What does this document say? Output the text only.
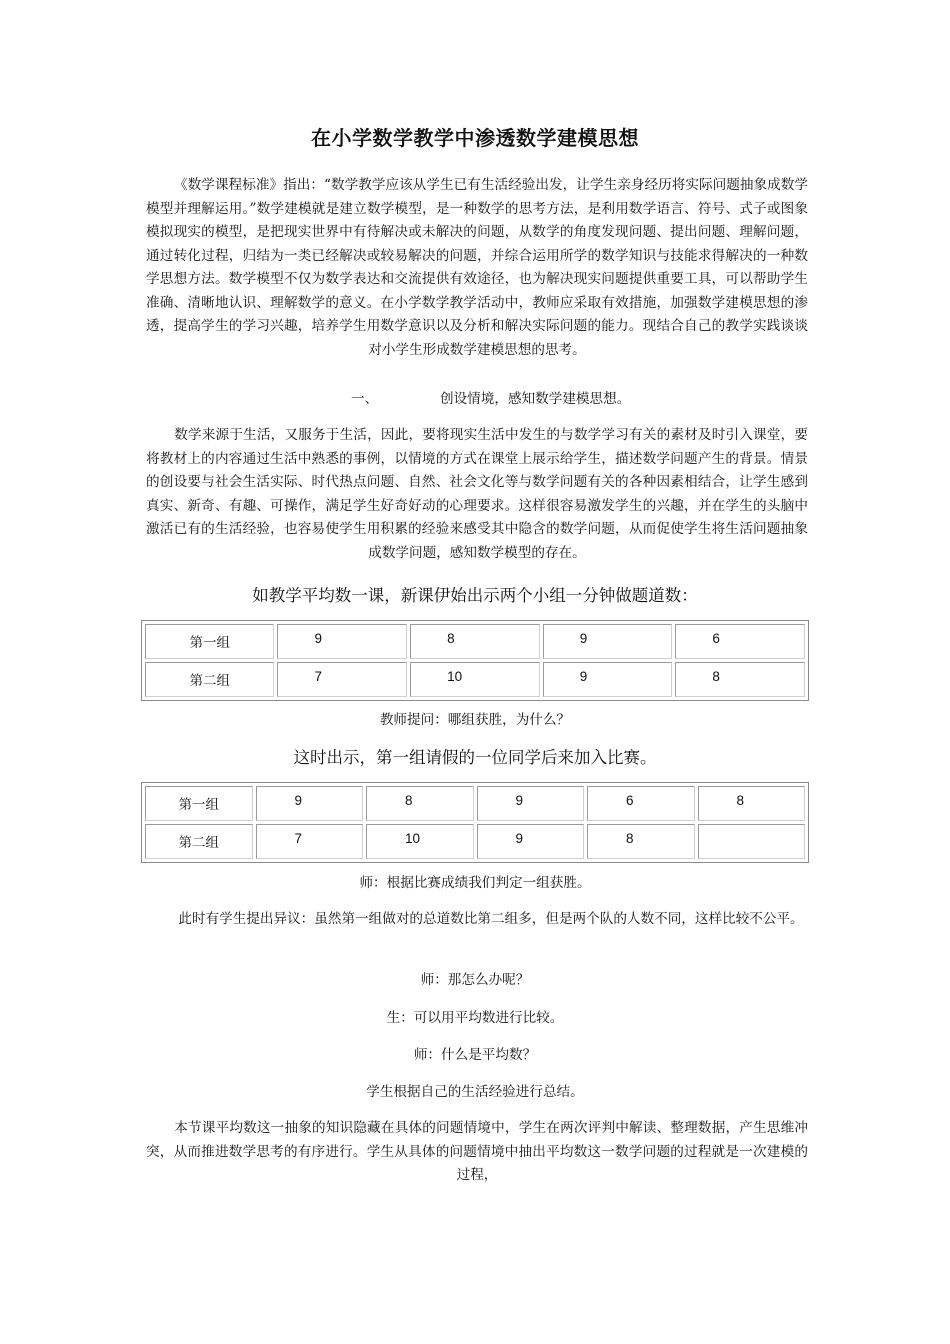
在小学数学教学中渗透数学建模思想
《数学课程标准》指出：“数学教学应该从学生已有生活经验出发，让学生亲身经历将实际问题抽象成数学模型并理解运用。”数学建模就是建立数学模型，是一种数学的思考方法，是利用数学语言、符号、式子或图象模拟现实的模型，是把现实世界中有待解决或未解决的问题，从数学的角度发现问题、提出问题、理解问题，通过转化过程，归结为一类已经解决或较易解决的问题，并综合运用所学的数学知识与技能求得解决的一种数学思想方法。数学模型不仅为数学表达和交流提供有效途径，也为解决现实问题提供重要工具，可以帮助学生准确、清晰地认识、理解数学的意义。在小学数学教学活动中，教师应采取有效措施，加强数学建模思想的渗透，提高学生的学习兴趣，培养学生用数学意识以及分析和解决实际问题的能力。现结合自己的教学实践谈谈对小学生形成数学建模思想的思考。
一、	创设情境，感知数学建模思想。
数学来源于生活，又服务于生活，因此，要将现实生活中发生的与数学学习有关的素材及时引入课堂，要将教材上的内容通过生活中熟悉的事例，以情境的方式在课堂上展示给学生，描述数学问题产生的背景。情景的创设要与社会生活实际、时代热点问题、自然、社会文化等与数学问题有关的各种因素相结合，让学生感到真实、新奇、有趣、可操作，满足学生好奇好动的心理要求。这样很容易激发学生的兴趣，并在学生的头脑中激活已有的生活经验，也容易使学生用积累的经验来感受其中隐含的数学问题，从而促使学生将生活问题抽象成数学问题，感知数学模型的存在。
如教学平均数一课，新课伊始出示两个小组一分钟做题道数：
第一组	9	8	9	6
第二组	7	10	9	8
教师提问：哪组获胜，为什么？
这时出示，第一组请假的一位同学后来加入比赛。
第一组	9	8	9	6	8
第二组	7	10	9	8	
师：根据比赛成绩我们判定一组获胜。
此时有学生提出异议：虽然第一组做对的总道数比第二组多，但是两个队的人数不同，这样比较不公平。
师：那怎么办呢？
生：可以用平均数进行比较。
师：什么是平均数？
学生根据自己的生活经验进行总结。
本节课平均数这一抽象的知识隐藏在具体的问题情境中，学生在两次评判中解读、整理数据，产生思维冲突，从而推进数学思考的有序进行。学生从具体的问题情境中抽出平均数这一数学问题的过程就是一次建模的过程，
